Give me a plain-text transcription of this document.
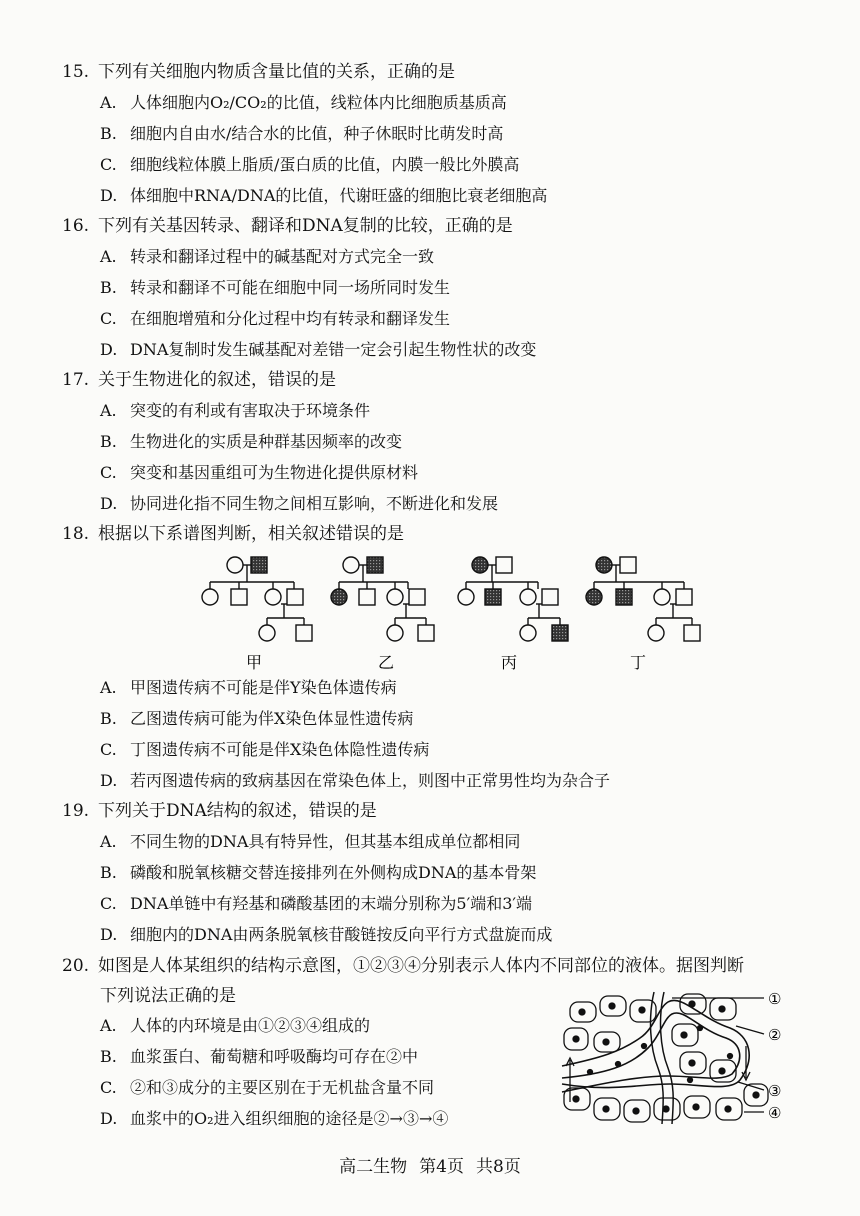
15. 下列有关细胞内物质含量比值的关系，正确的是
A. 人体细胞内O₂/CO₂的比值，线粒体内比细胞质基质高
B. 细胞内自由水/结合水的比值，种子休眠时比萌发时高
C. 细胞线粒体膜上脂质/蛋白质的比值，内膜一般比外膜高
D. 体细胞中RNA/DNA的比值，代谢旺盛的细胞比衰老细胞高
16. 下列有关基因转录、翻译和DNA复制的比较，正确的是
A. 转录和翻译过程中的碱基配对方式完全一致
B. 转录和翻译不可能在细胞中同一场所同时发生
C. 在细胞增殖和分化过程中均有转录和翻译发生
D. DNA复制时发生碱基配对差错一定会引起生物性状的改变
17. 关于生物进化的叙述，错误的是
A. 突变的有利或有害取决于环境条件
B. 生物进化的实质是种群基因频率的改变
C. 突变和基因重组可为生物进化提供原材料
D. 协同进化指不同生物之间相互影响，不断进化和发展
18. 根据以下系谱图判断，相关叙述错误的是
甲	乙	丙	丁
A. 甲图遗传病不可能是伴Y染色体遗传病
B. 乙图遗传病可能为伴X染色体显性遗传病
C. 丁图遗传病不可能是伴X染色体隐性遗传病
D. 若丙图遗传病的致病基因在常染色体上，则图中正常男性均为杂合子
19. 下列关于DNA结构的叙述，错误的是
A. 不同生物的DNA具有特异性，但其基本组成单位都相同
B. 磷酸和脱氧核糖交替连接排列在外侧构成DNA的基本骨架
C. DNA单链中有羟基和磷酸基团的末端分别称为5′端和3′端
D. 细胞内的DNA由两条脱氧核苷酸链按反向平行方式盘旋而成
20. 如图是人体某组织的结构示意图，①②③④分别表示人体内不同部位的液体。据图判断
下列说法正确的是
A. 人体的内环境是由①②③④组成的
B. 血浆蛋白、葡萄糖和呼吸酶均可存在②中
C. ②和③成分的主要区别在于无机盐含量不同
D. 血浆中的O₂进入组织细胞的途径是②→③→④
①
②
③
④
高二生物 第4页 共8页
